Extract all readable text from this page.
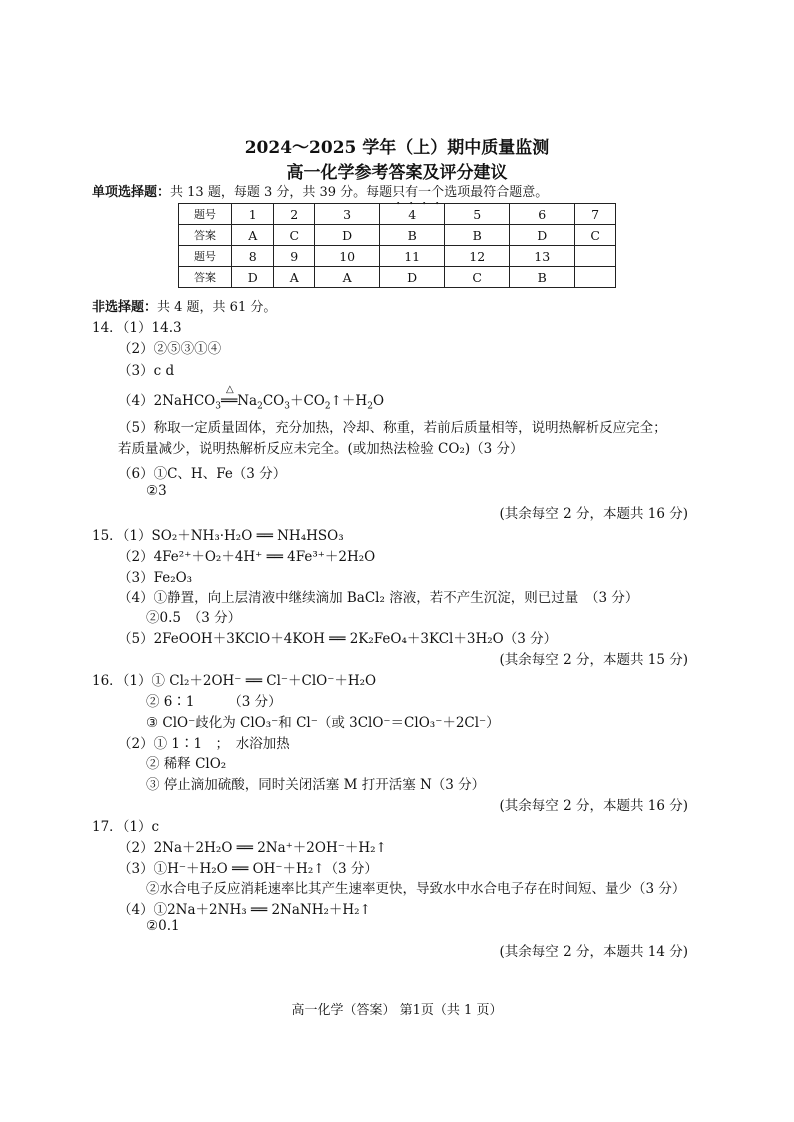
2024～2025 学年（上）期中质量监测
高一化学参考答案及评分建议
单项选择题：共 13 题，每题 3 分，共 39 分。每题只有一个选项最符合题意。
题号	1	2	3	4	5	6	7
答案	A	C	D	B	B	D	C
题号	8	9	10	11	12	13	
答案	D	A	A	D	C	B	
非选择题：共 4 题，共 61 分。
14．（1）14.3
（2）②⑤③①④
（3）c d
（4）2NaHCO$_3$
△
$══Na_2CO_3+CO_2↑+H_2O$
（5）称取一定质量固体，充分加热，冷却、称重，若前后质量相等，说明热解析反应完全；若质量减少，说明热解析反应未完全。(或加热法检验 CO₂)（3 分）
（6）①C、H、Fe（3 分）
②3
(其余每空 2 分，本题共 16 分)
15．（1）SO₂＋NH₃·H₂O ══ NH₄HSO₃
（2）4Fe²⁺＋O₂＋4H⁺ ══ 4Fe³⁺＋2H₂O
（3）Fe₂O₃
（4）①静置，向上层清液中继续滴加 BaCl₂ 溶液，若不产生沉淀，则已过量　（3 分）
②0.5　（3 分）
（5）2FeOOH＋3KClO＋4KOH ══ 2K₂FeO₄＋3KCl＋3H₂O（3 分）
(其余每空 2 分，本题共 15 分)
16．（1）① Cl₂＋2OH⁻ ══ Cl⁻＋ClO⁻＋H₂O
② 6∶1　　　（3 分）
③ ClO⁻歧化为 ClO₃⁻和 Cl⁻（或 3ClO⁻＝ClO₃⁻＋2Cl⁻）
（2）① 1∶1　；　水浴加热
② 稀释 ClO₂
③ 停止滴加硫酸，同时关闭活塞 M 打开活塞 N（3 分）
(其余每空 2 分，本题共 16 分)
17．（1）c
（2）2Na＋2H₂O ══ 2Na⁺＋2OH⁻＋H₂↑
（3）①H⁻＋H₂O ══ OH⁻＋H₂↑（3 分）
②水合电子反应消耗速率比其产生速率更快，导致水中水合电子存在时间短、量少（3 分）
（4）①2Na＋2NH₃ ══ 2NaNH₂＋H₂↑
②0.1
(其余每空 2 分，本题共 14 分)
高一化学（答案） 第1页（共 1 页）
